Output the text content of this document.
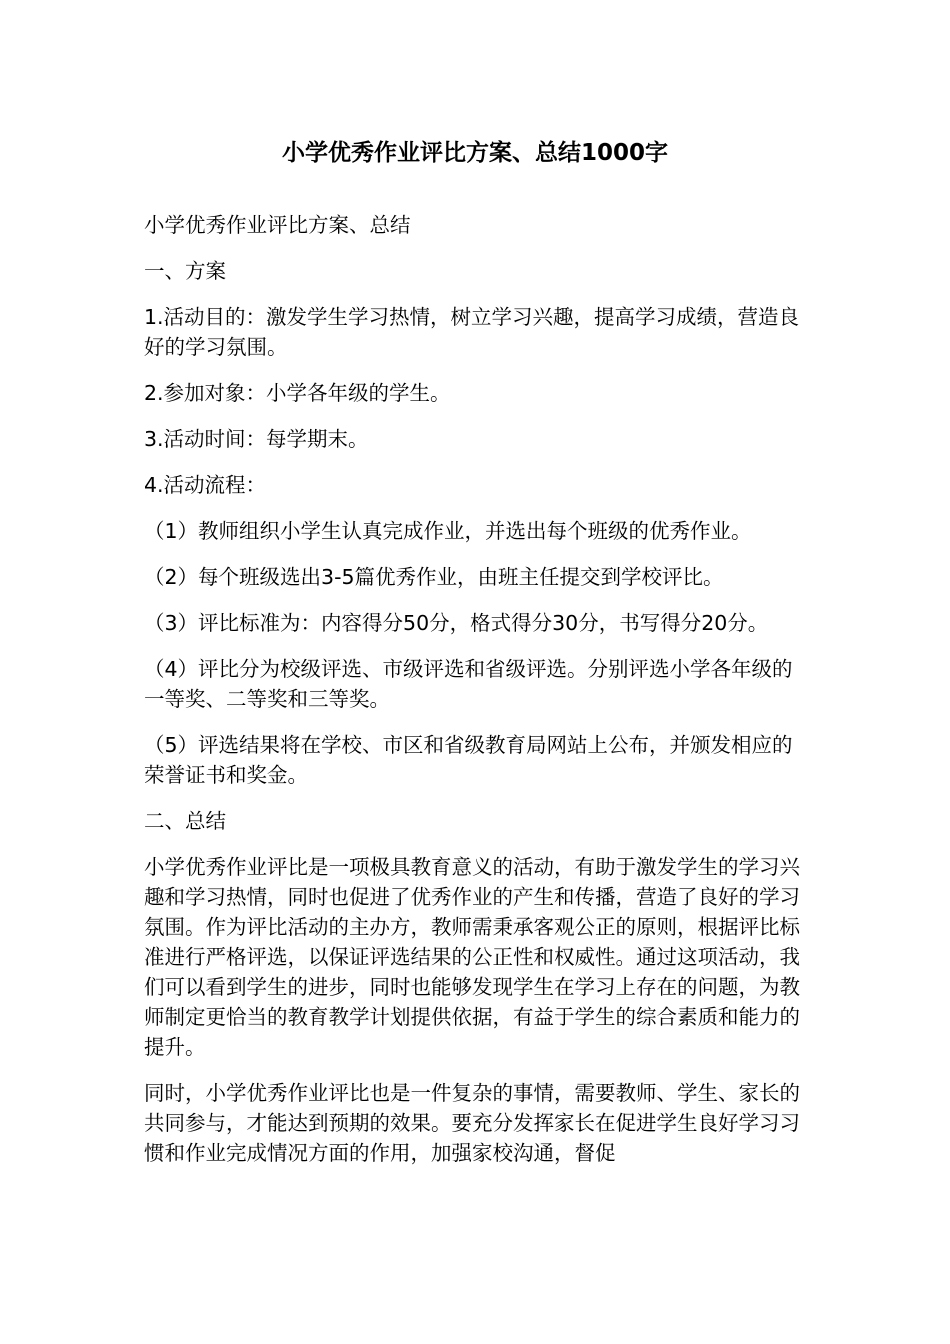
小学优秀作业评比方案、总结1000字

小学优秀作业评比方案、总结

一、方案

1.活动目的：激发学生学习热情，树立学习兴趣，提高学习成绩，营造良好的学习氛围。

2.参加对象：小学各年级的学生。

3.活动时间：每学期末。

4.活动流程：

（1）教师组织小学生认真完成作业，并选出每个班级的优秀作业。

（2）每个班级选出3-5篇优秀作业，由班主任提交到学校评比。

（3）评比标准为：内容得分50分，格式得分30分，书写得分20分。

（4）评比分为校级评选、市级评选和省级评选。分别评选小学各年级的一等奖、二等奖和三等奖。

（5）评选结果将在学校、市区和省级教育局网站上公布，并颁发相应的荣誉证书和奖金。

二、总结

小学优秀作业评比是一项极具教育意义的活动，有助于激发学生的学习兴趣和学习热情，同时也促进了优秀作业的产生和传播，营造了良好的学习氛围。作为评比活动的主办方，教师需秉承客观公正的原则，根据评比标准进行严格评选，以保证评选结果的公正性和权威性。通过这项活动，我们可以看到学生的进步，同时也能够发现学生在学习上存在的问题，为教师制定更恰当的教育教学计划提供依据，有益于学生的综合素质和能力的提升。

同时，小学优秀作业评比也是一件复杂的事情，需要教师、学生、家长的共同参与，才能达到预期的效果。要充分发挥家长在促进学生良好学习习惯和作业完成情况方面的作用，加强家校沟通，督促
